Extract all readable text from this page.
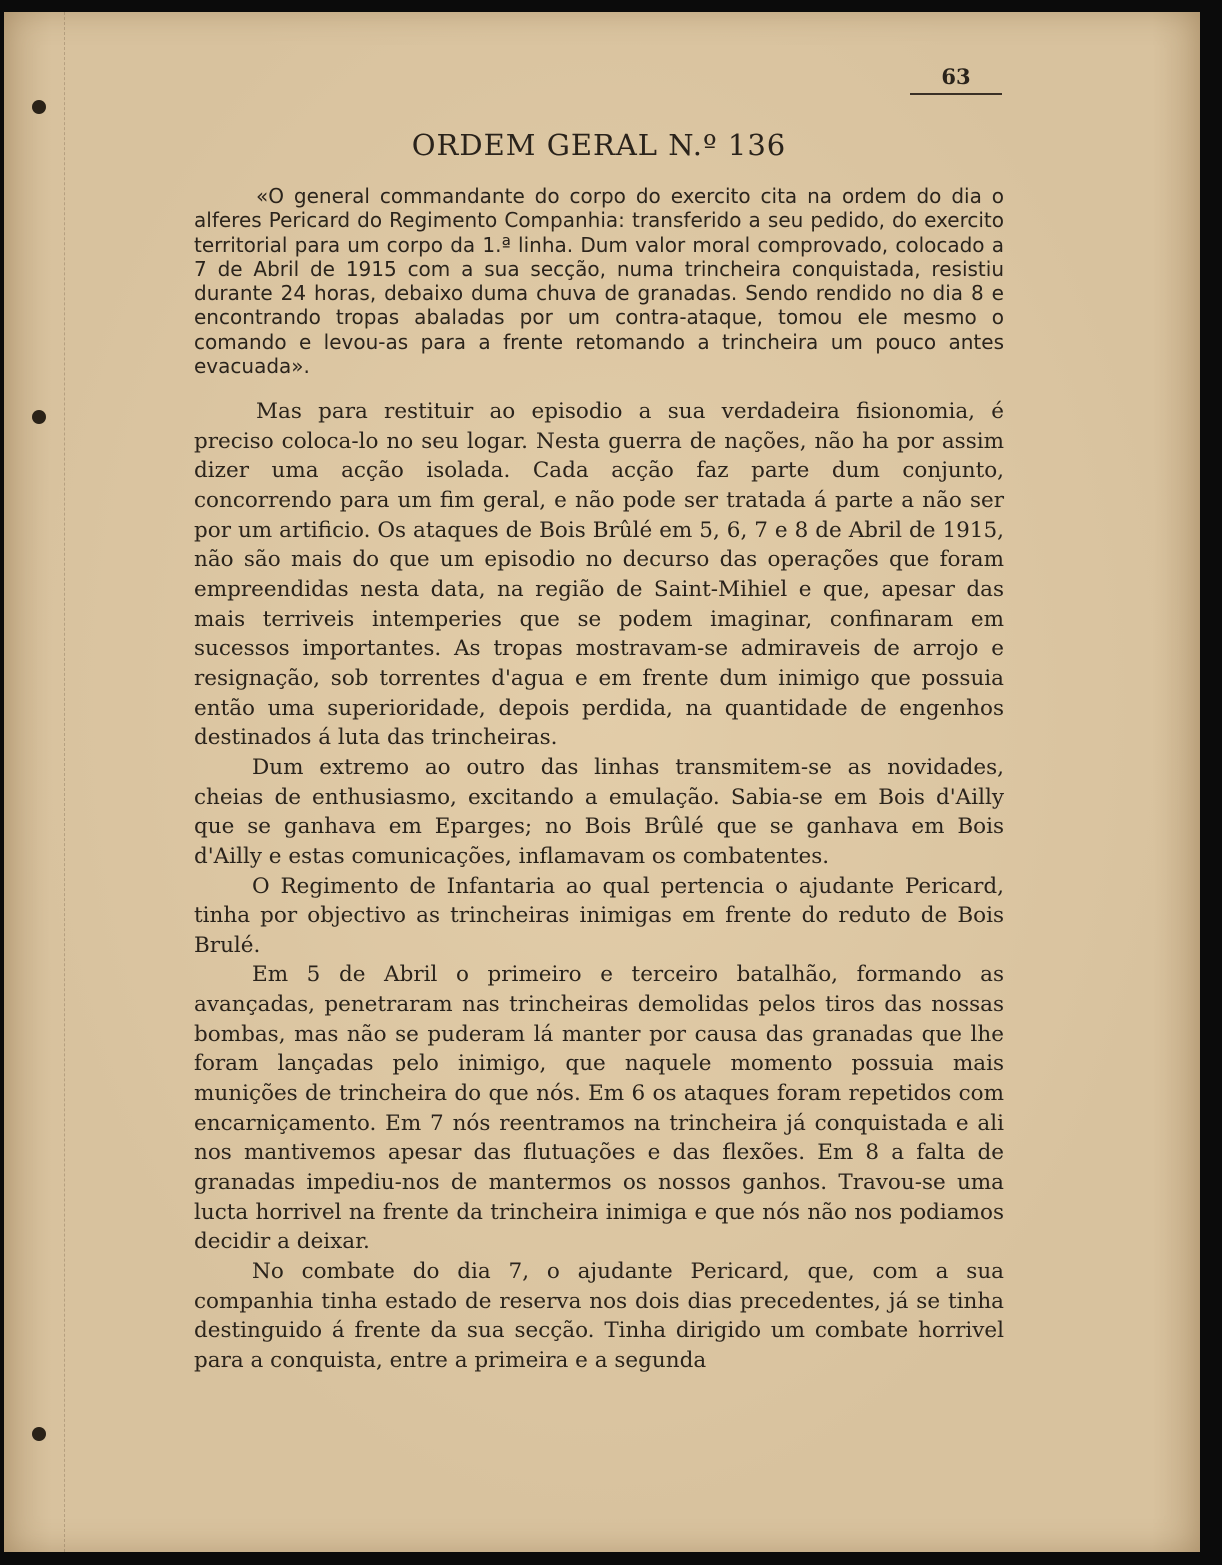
63
ORDEM GERAL N.º 136

«O general commandante do corpo do exercito cita na ordem do dia o alferes Pericard do Regimento Companhia: transferido a seu pedido, do exercito territorial para um corpo da 1.ª linha. Dum valor moral comprovado, colocado a 7 de Abril de 1915 com a sua secção, numa trincheira conquistada, resistiu durante 24 horas, debaixo duma chuva de granadas. Sendo rendido no dia 8 e encontrando tropas abaladas por um contra-ataque, tomou ele mesmo o comando e levou-as para a frente retomando a trincheira um pouco antes evacuada».

Mas para restituir ao episodio a sua verdadeira fisionomia, é preciso coloca-lo no seu logar. Nesta guerra de nações, não ha por assim dizer uma acção isolada. Cada acção faz parte dum conjunto, concorrendo para um fim geral, e não pode ser tratada á parte a não ser por um artificio. Os ataques de Bois Brûlé em 5, 6, 7 e 8 de Abril de 1915, não são mais do que um episodio no decurso das operações que foram empreendidas nesta data, na região de Saint-Mihiel e que, apesar das mais terriveis intemperies que se podem imaginar, confinaram em sucessos importantes. As tropas mostravam-se admiraveis de arrojo e resignação, sob torrentes d'agua e em frente dum inimigo que possuia então uma superioridade, depois perdida, na quantidade de engenhos destinados á luta das trincheiras.

Dum extremo ao outro das linhas transmitem-se as novidades, cheias de enthusiasmo, excitando a emulação. Sabia-se em Bois d'Ailly que se ganhava em Eparges; no Bois Brûlé que se ganhava em Bois d'Ailly e estas comunicações, inflamavam os combatentes.

O Regimento de Infantaria ao qual pertencia o ajudante Pericard, tinha por objectivo as trincheiras inimigas em frente do reduto de Bois Brulé.

Em 5 de Abril o primeiro e terceiro batalhão, formando as avançadas, penetraram nas trincheiras demolidas pelos tiros das nossas bombas, mas não se puderam lá manter por causa das granadas que lhe foram lançadas pelo inimigo, que naquele momento possuia mais munições de trincheira do que nós. Em 6 os ataques foram repetidos com encarniçamento. Em 7 nós reentramos na trincheira já conquistada e ali nos mantivemos apesar das flutuações e das flexões. Em 8 a falta de granadas impediu-nos de mantermos os nossos ganhos. Travou-se uma lucta horrivel na frente da trincheira inimiga e que nós não nos podiamos decidir a deixar.

No combate do dia 7, o ajudante Pericard, que, com a sua companhia tinha estado de reserva nos dois dias precedentes, já se tinha destinguido á frente da sua secção. Tinha dirigido um combate horrivel para a conquista, entre a primeira e a segunda
